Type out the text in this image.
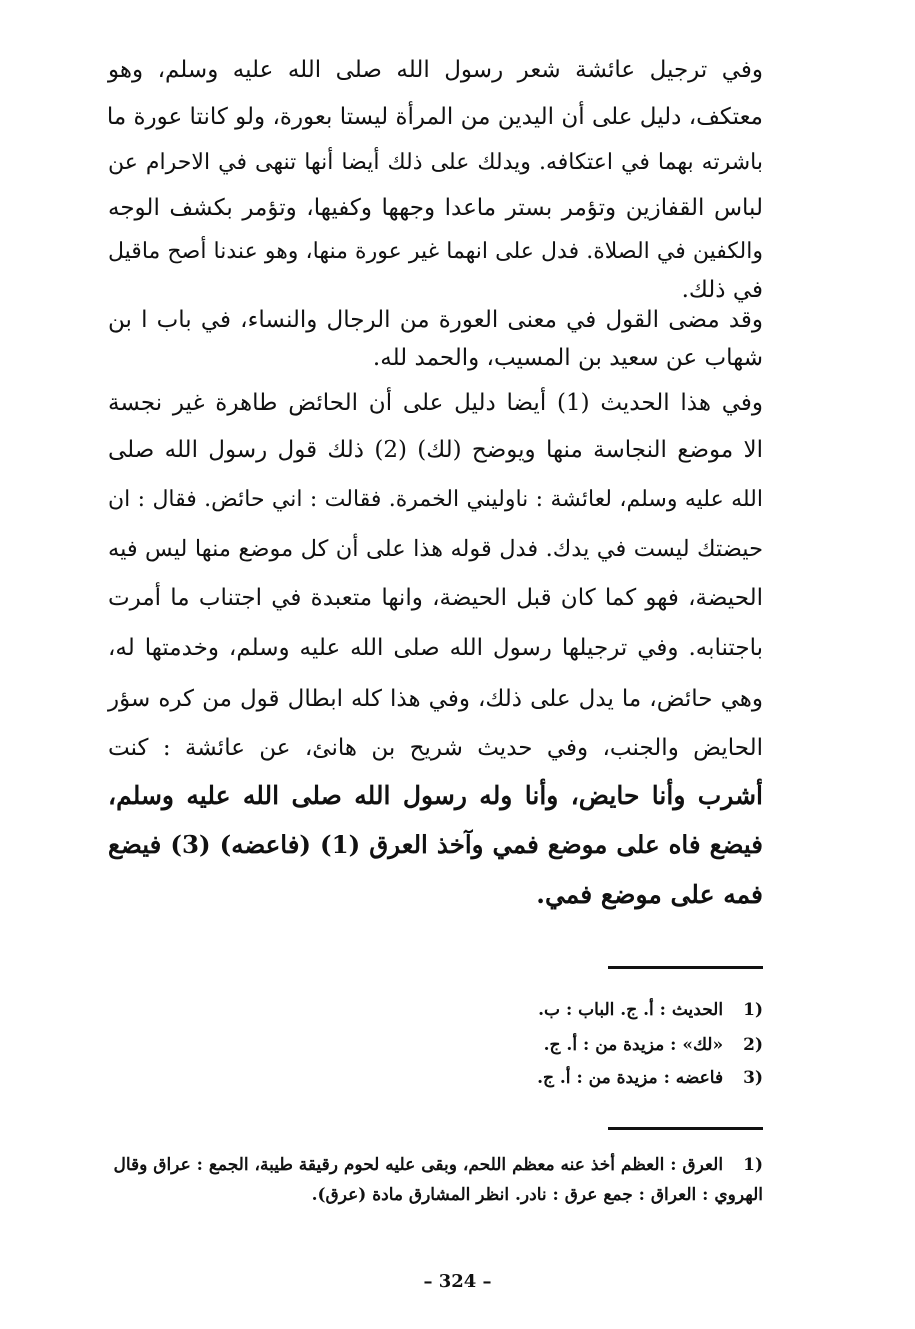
وفي ترجيل عائشة شعر رسول الله صلى الله عليه وسلم، وهو
معتكف، دليل على أن اليدين من المرأة ليستا بعورة، ولو كانتا عورة ما
باشرته بهما في اعتكافه. ويدلك على ذلك أيضا أنها تنهى في الاحرام عن
لباس القفازين وتؤمر بستر ماعدا وجهها وكفيها، وتؤمر بكشف الوجه
والكفين في الصلاة. فدل على انهما غير عورة منها، وهو عندنا أصح ماقيل
في ذلك.
وقد مضى القول في معنى العورة من الرجال والنساء، في باب ا بن
شهاب عن سعيد بن المسيب، والحمد لله.
وفي هذا الحديث (1) أيضا دليل على أن الحائض طاهرة غير نجسة
الا موضع النجاسة منها ويوضح (لك) (2) ذلك قول رسول الله صلى
الله عليه وسلم، لعائشة : ناوليني الخمرة. فقالت : اني حائض. فقال : ان
حيضتك ليست في يدك. فدل قوله هذا على أن كل موضع منها ليس فيه
الحيضة، فهو كما كان قبل الحيضة، وانها متعبدة في اجتناب ما أمرت
باجتنابه. وفي ترجيلها رسول الله صلى الله عليه وسلم، وخدمتها له،
وهي حائض، ما يدل على ذلك، وفي هذا كله ابطال قول من كره سؤر
الحايض والجنب، وفي حديث شريح بن هانئ، عن عائشة : كنت
أشرب وأنا حايض، وأنا وله رسول الله صلى الله عليه وسلم،
فيضع فاه على موضع فمي وآخذ العرق (1) (فاعضه) (3) فيضع
فمه على موضع فمي.
1) الحديث : أ. ج. الباب : ب.
2) «لك» : مزيدة من : أ. ج.
3) فاعضه : مزيدة من : أ. ج.
1) العرق : العظم أخذ عنه معظم اللحم، وبقى عليه لحوم رقيقة طيبة، الجمع : عراق وقال
الهروي : العراق : جمع عرق : نادر. انظر المشارق مادة (عرق).
– 324 –
